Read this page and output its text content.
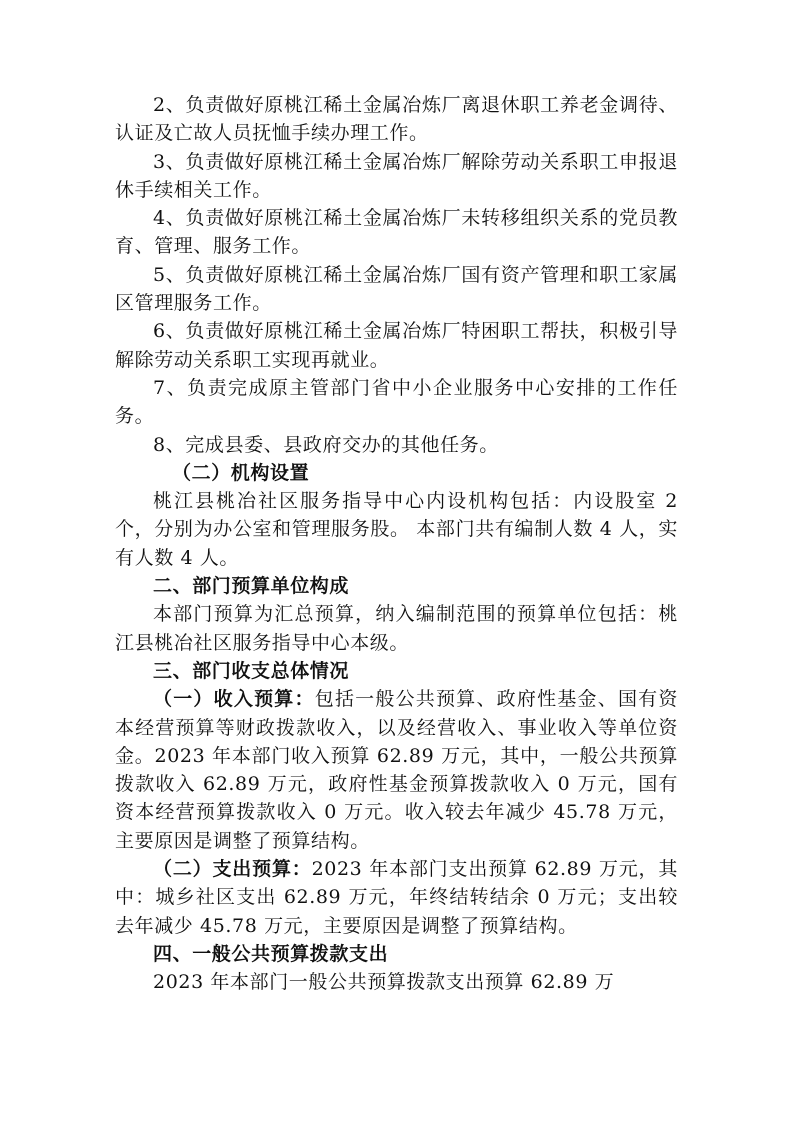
2、负责做好原桃江稀土金属冶炼厂离退休职工养老金调待、认证及亡故人员抚恤手续办理工作。

3、负责做好原桃江稀土金属冶炼厂解除劳动关系职工申报退休手续相关工作。

4、负责做好原桃江稀土金属冶炼厂未转移组织关系的党员教育、管理、服务工作。

5、负责做好原桃江稀土金属冶炼厂国有资产管理和职工家属区管理服务工作。

6、负责做好原桃江稀土金属冶炼厂特困职工帮扶，积极引导解除劳动关系职工实现再就业。

7、负责完成原主管部门省中小企业服务中心安排的工作任务。

8、完成县委、县政府交办的其他任务。

（二）机构设置

桃江县桃冶社区服务指导中心内设机构包括：内设股室 2 个，分别为办公室和管理服务股。 本部门共有编制人数 4 人，实有人数 4 人。

二、部门预算单位构成

本部门预算为汇总预算，纳入编制范围的预算单位包括：桃江县桃冶社区服务指导中心本级。

三、部门收支总体情况

（一）收入预算：包括一般公共预算、政府性基金、国有资本经营预算等财政拨款收入，以及经营收入、事业收入等单位资金。2023 年本部门收入预算 62.89 万元，其中，一般公共预算拨款收入 62.89 万元，政府性基金预算拨款收入 0 万元，国有资本经营预算拨款收入 0 万元。收入较去年减少 45.78 万元，主要原因是调整了预算结构。

（二）支出预算：2023 年本部门支出预算 62.89 万元，其中：城乡社区支出 62.89 万元，年终结转结余 0 万元；支出较去年减少 45.78 万元，主要原因是调整了预算结构。

四、一般公共预算拨款支出

2023 年本部门一般公共预算拨款支出预算 62.89 万
